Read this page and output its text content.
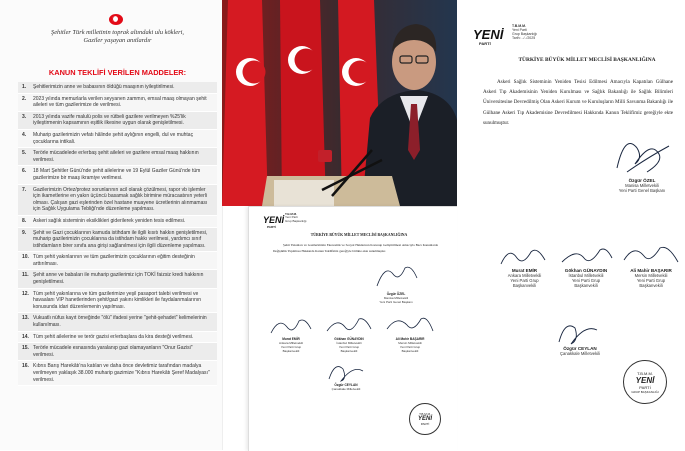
Şehitler Türk milletinin toprak altındaki ulu kökleri,
Gaziler yaşayan anıtlardır
KANUN TEKLİFİ VERİLEN MADDELER:
1.	Şehitlerimizin anne ve babasının öldüğü maaşının iyileştirilmesi.
2.	2023 yılında memurlarla verilen seyyanen zammın, emsal maaş olmayan şehit aileleri ve tüm gazilerimize de verilmesi.
3.	2013 yılında vazife malulü polis ve rütbeli gazilere verilmeyen %25'lik iyileştirmenin kapsamının eşitlik ilkesine uygun olarak genişletilmesi.
4.	Muharip gazilerimizin vefatı hâlinde şehit aylığının engelli, dul ve muhtaç çocuklarına intikali.
5.	Terörle mücadelede er/erbaş şehit aileleri ve gazilere emsal maaş hakkının verilmesi.
6.	18 Mart Şehitler Günü'nde şehit ailelerine ve 19 Eylül Gaziler Günü'nde tüm gazilerimize bir maaş ikramiye verilmesi.
7.	Gazilerimizin Ortez/protez sorunlarının acil olarak çözülmesi, rapor vb işlemler için ikametlerine en yakın üçüncü basamak sağlık birimine müracaatının yeterli olması. Çalışan gazi eşlerinden özel hastane muayene ücretlerinin alınmaması için Sağlık Uygulama Tebliği'nde düzenleme yapılması.
8.	Askeri sağlık sisteminin eksiklikleri giderilerek yeniden tesis edilmesi.
9.	Şehit ve Gazi çocuklarının kamuda istihdam ile ilgili kısıtı hakkın genişletilmesi, muharip gazilerimizin çocuklarına da istihdam hakkı verilmesi, yardımcı sınıf istihdamların birer sınıfa ana girişi sağlanılmesi için ilgili düzenleme yapılması.
10. Tüm şehit yakınlarının ve tüm gazilerimizin çocuklarının eğitim desteğinin arttırılması.
11. Şehit anne ve babaları ile muharip gazilerimiz için TOKİ faizsiz kredi hakkının genişletilmesi.
12. Tüm şehit yakınlarına ve tüm gazilerimize yeşil pasaport talebi verilmesi ve havaalanı VIP hanetlerinden şehit/gazi yakını kimlikleri ile faydalanmalarının konusunda idari düzenlemenin yapılması.
13. Vukuatlı nüfus kayıt örneğinde "ölü" ifadesi yerine "şehit-şehadet" kelimelerinin kullanılması.
14. Tüm şehit ailelerine ve terör gazisi er/erbaşlara da kira desteği verilmesi.
15. Terörle mücadele esnasında yaralanıp gazi olamayanların "Onur Gazisi" verilmesi.
16. Kıbrıs Barış Harekâtı'na katılan ve daha önce devletimiz tarafından madalya verilmeyen yaklaşık 38.000 muharip gazimize "Kıbrıs Harekâtı Şeref Madalyası" verilmesi.
YENİ
PARTİ
T.B.M.M.
Yeni Parti
Grup Başkanlığı
Tarih: ../../2025
TÜRKİYE BÜYÜK MİLLET MECLİSİ BAŞKANLIĞINA
Askeri Sağlık Sisteminin Yeniden Tesisi Edilmesi Amacıyla Kapatılan Gülhane Askeri Tıp Akademisinin Yeniden Kurulması ve Sağlık Bakanlığı ile Sağlık Bilimleri Üniversitesine Devredilmiş Olan Askeri Kurum ve Kuruluşların Milli Savunma Bakanlığı ile Gülhane Askeri Tıp Akademisine Devredilmesi Hakkında Kanun Teklifimiz gereğiyle ekte sunulmuştur.
Özgür ÖZEL
Manisa Milletvekili
Yeni Parti Genel Başkanı
Murat EMİR
Ankara Milletvekili
Yeni Parti Grup
Başkanvekili
Gökhan GÜNAYDIN
İstanbul Milletvekili
Yeni Parti Grup
Başkanvekili
Ali Mahir BAŞARIR
Mersin Milletvekili
Yeni Parti Grup
Başkanvekili
Özgür CEYLAN
Çanakkale Milletvekili
T.B.M.M.
YENİ
PARTİ
GRUP BAŞKANLIĞI
YENİ
PARTİ
T.B.M.M.
Yeni Parti
Grup Başkanlığı
TÜRKİYE BÜYÜK MİLLET MECLİSİ BAŞKANLIĞINA
Şehit Yakınları ve Gazilerimizin Ekonomik ve Sosyal Haklarının Korunup Geliştirilmesi Amacıyla Bazı Kanunlarda Değişiklik Yapılması Hakkında Kanun Teklifimiz gereğiyle birlikte ekte sunulmuştur.
Özgür ÖZEL
Manisa Milletvekili
Yeni Parti Genel Başkanı
Murat EMİR
Ankara Milletvekili
Yeni Parti Grup
Başkanvekili
Gökhan GÜNAYDIN
İstanbul Milletvekili
Yeni Parti Grup
Başkanvekili
Ali Mahir BAŞARIR
Mersin Milletvekili
Yeni Parti Grup
Başkanvekili
Özgür CEYLAN
Çanakkale Milletvekili
T.B.M.M.
YENİ
PARTİ
